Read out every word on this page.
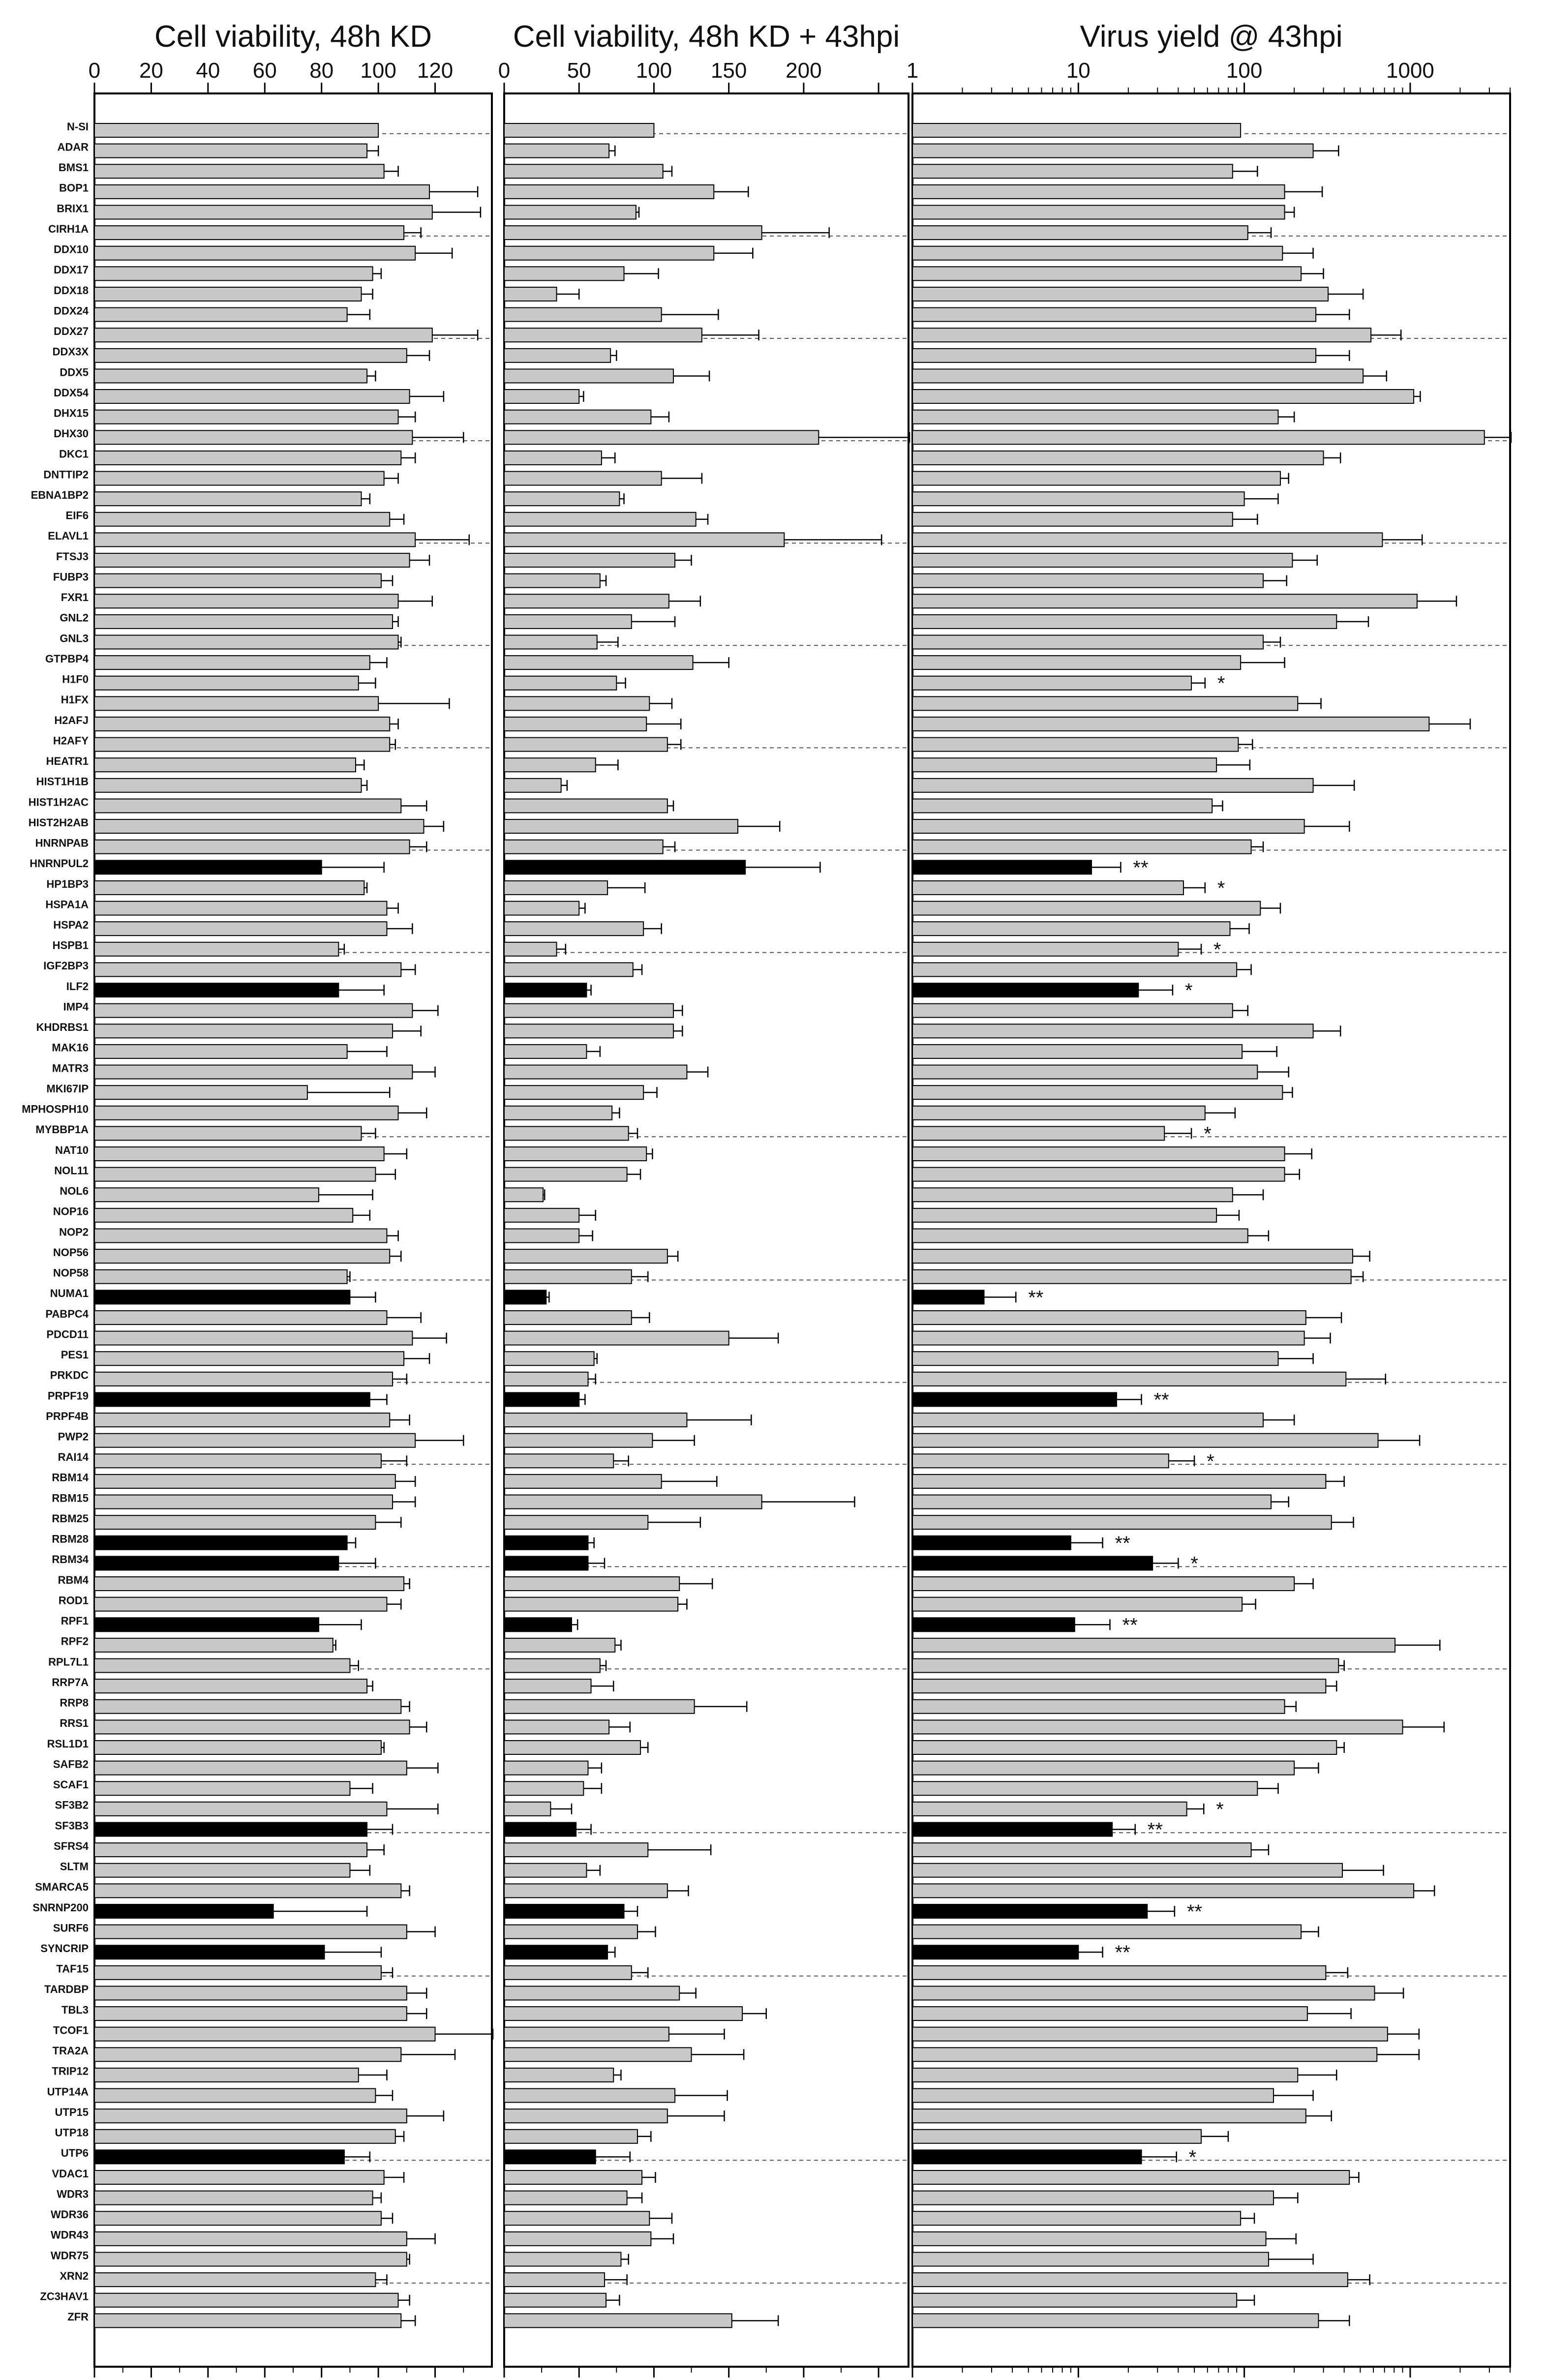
N-SI
ADAR
BMS1
BOP1
BRIX1
CIRH1A
DDX10
DDX17
DDX18
DDX24
DDX27
DDX3X
DDX5
DDX54
DHX15
DHX30
DKC1
DNTTIP2
EBNA1BP2
EIF6
ELAVL1
FTSJ3
FUBP3
FXR1
GNL2
GNL3
GTPBP4
H1F0
H1FX
H2AFJ
H2AFY
HEATR1
HIST1H1B
HIST1H2AC
HIST2H2AB
HNRNPAB
HNRNPUL2
HP1BP3
HSPA1A
HSPA2
HSPB1
IGF2BP3
ILF2
IMP4
KHDRBS1
MAK16
MATR3
MKI67IP
MPHOSPH10
MYBBP1A
NAT10
NOL11
NOL6
NOP16
NOP2
NOP56
NOP58
NUMA1
PABPC4
PDCD11
PES1
PRKDC
PRPF19
PRPF4B
PWP2
RAI14
RBM14
RBM15
RBM25
RBM28
RBM34
RBM4
ROD1
RPF1
RPF2
RPL7L1
RRP7A
RRP8
RRS1
RSL1D1
SAFB2
SCAF1
SF3B2
SF3B3
SFRS4
SLTM
SMARCA5
SNRNP200
SURF6
SYNCRIP
TAF15
TARDBP
TBL3
TCOF1
TRA2A
TRIP12
UTP14A
UTP15
UTP18
UTP6
VDAC1
WDR3
WDR36
WDR43
WDR75
XRN2
ZC3HAV1
ZFR
Cell viability, 48h KD
0 20 40 60 80 100 120
Cell viability, 48h KD + 43hpi
0	50 100 150 200
Virus yield @ 43hpi
1	10	100	1000
*
**
*
*
*
*
**
**
*
**
*
**
*
**
**
**
*
